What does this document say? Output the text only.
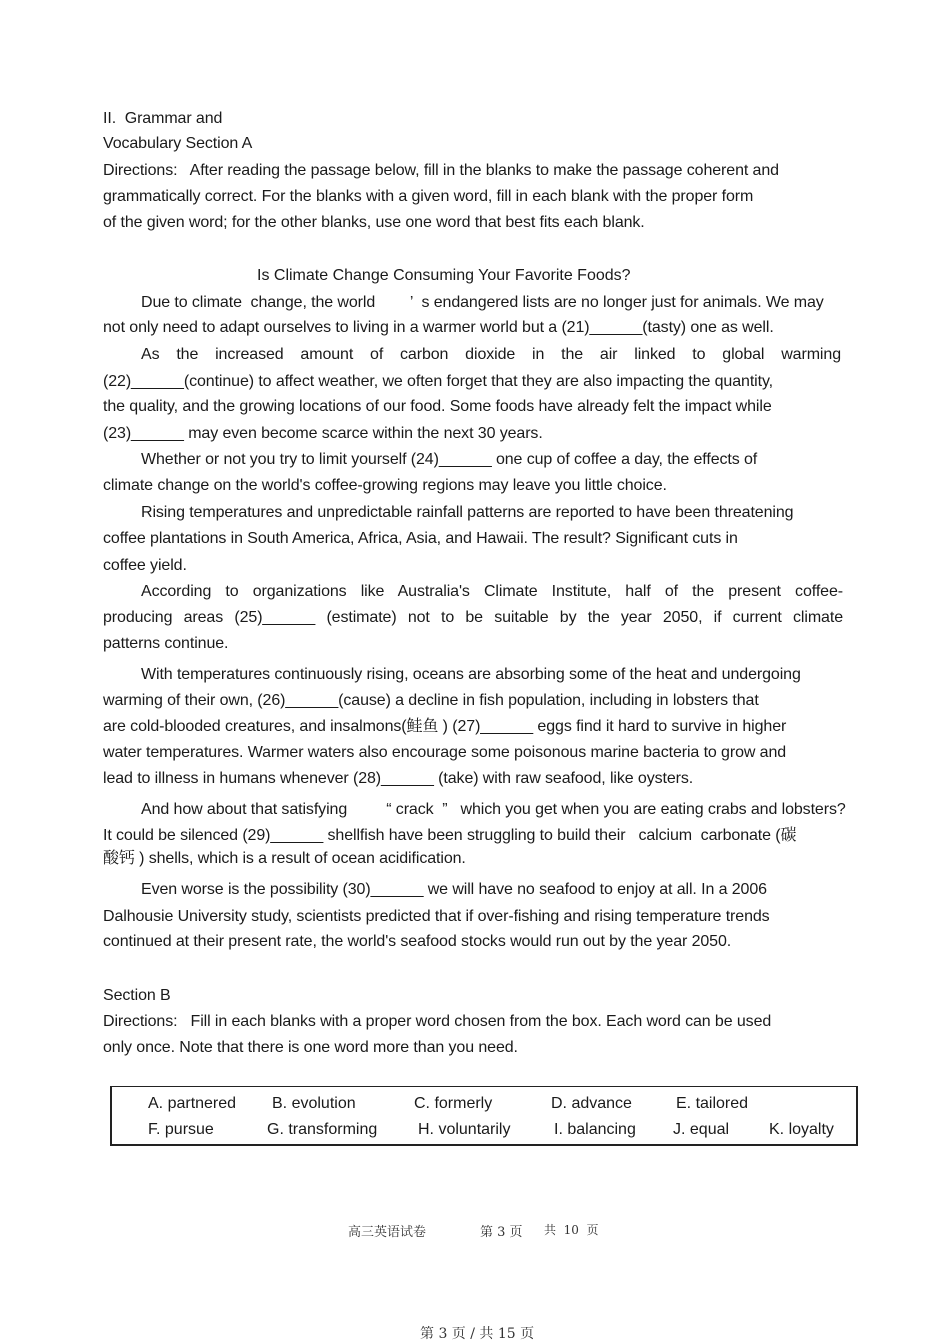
II.  Grammar and
Vocabulary Section A
Directions:   After reading the passage below, fill in the blanks to make the passage coherent and
grammatically correct. For the blanks with a given word, fill in each blank with the proper form
of the given word; for the other blanks, use one word that best fits each blank.
Is Climate Change Consuming Your Favorite Foods?
Due to climate  change, the world        ’  s endangered lists are no longer just for animals. We may
not only need to adapt ourselves to living in a warmer world but a (21)______(tasty) one as well.
As the increased amount of carbon dioxide in the air linked to global warming
(22)______(continue) to affect weather, we often forget that they are also impacting the quantity,
the quality, and the growing locations of our food. Some foods have already felt the impact while
(23)______ may even become scarce within the next 30 years.
Whether or not you try to limit yourself (24)______ one cup of coffee a day, the effects of
climate change on the world's coffee-growing regions may leave you little choice.
Rising temperatures and unpredictable rainfall patterns are reported to have been threatening
coffee plantations in South America, Africa, Asia, and Hawaii. The result? Significant cuts in
coffee yield.
According to organizations like Australia's Climate Institute, half of the present coffee-
producing areas (25)______ (estimate) not to be suitable by the year 2050, if current climate
patterns continue.
With temperatures continuously rising, oceans are absorbing some of the heat and undergoing
warming of their own, (26)______(cause) a decline in fish population, including in lobsters that
are cold-blooded creatures, and insalmons(鲑鱼 ) (27)______ eggs find it hard to survive in higher
water temperatures. Warmer waters also encourage some poisonous marine bacteria to grow and
lead to illness in humans whenever (28)______ (take) with raw seafood, like oysters.
And how about that satisfying         “ crack  ”   which you get when you are eating crabs and lobsters?
It could be silenced (29)______ shellfish have been struggling to build their   calcium  carbonate (碳
酸钙 ) shells, which is a result of ocean acidification.
Even worse is the possibility (30)______ we will have no seafood to enjoy at all. In a 2006
Dalhousie University study, scientists predicted that if over-fishing and rising temperature trends
continued at their present rate, the world's seafood stocks would run out by the year 2050.
Section B
Directions:   Fill in each blanks with a proper word chosen from the box. Each word can be used
only once. Note that there is one word more than you need.
A. partnered B. evolution	C. formerly	D. advance	E. tailored
F. pursue	G. transforming	H. voluntarily	I. balancing J. equal K. loyalty
高三英语试卷	第 3 页 共  10  页
第 3 页 / 共 15 页
